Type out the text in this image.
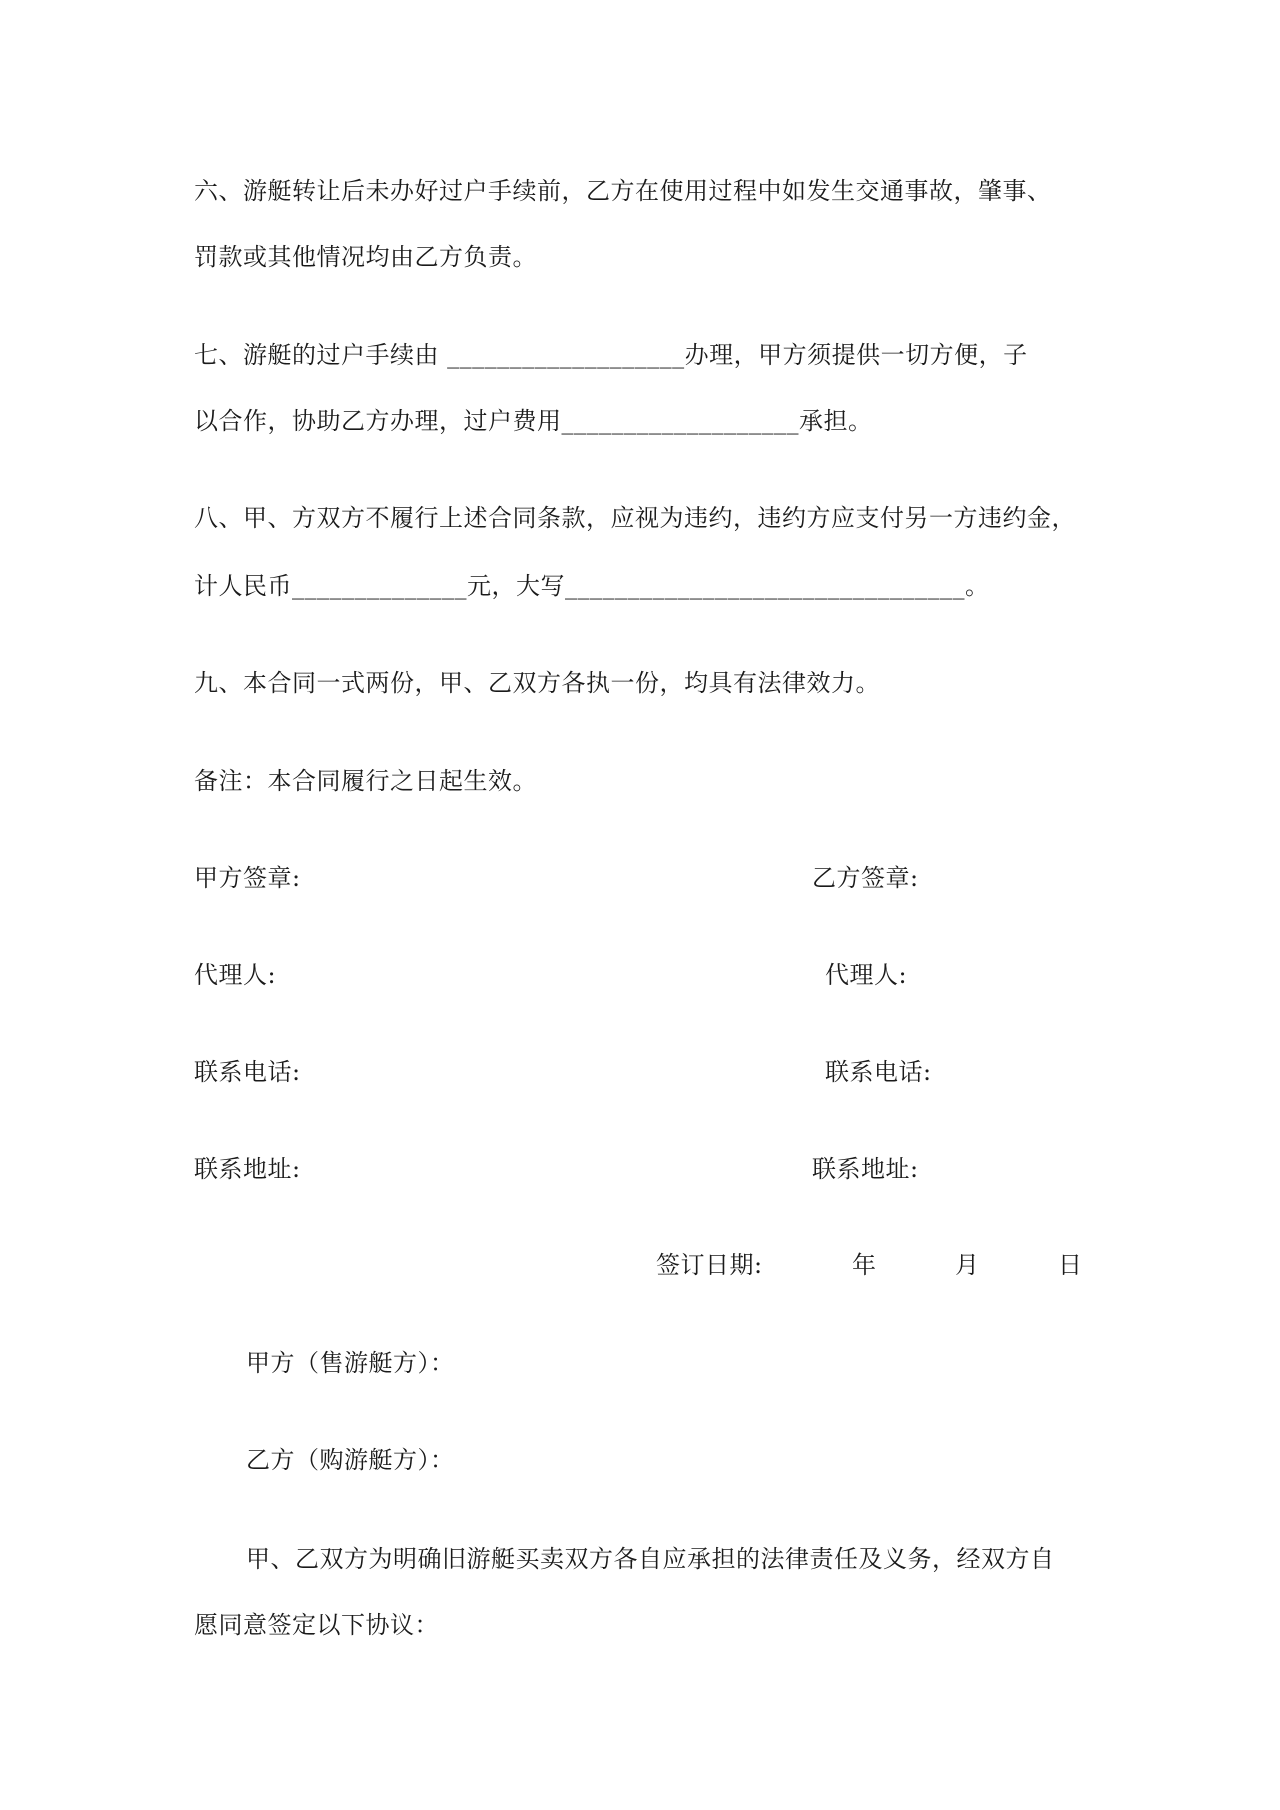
六、游艇转让后未办好过户手续前，乙方在使用过程中如发生交通事故，肇事、
罚款或其他情况均由乙方负责。
七、游艇的过户手续由 ___________________办理，甲方须提供一切方便，子
以合作，协助乙方办理，过户费用___________________承担。
八、甲、方双方不履行上述合同条款，应视为违约，违约方应支付另一方违约金，
计人民币______________元，大写________________________________。
九、本合同一式两份，甲、乙双方各执一份，均具有法律效力。
备注：本合同履行之日起生效。
甲方签章:	乙方签章:
代理人:	代理人:
联系电话:	联系电话:
联系地址:	联系地址:
签订日期:	年	月	日
甲方（售游艇方）：
乙方（购游艇方）：
甲、乙双方为明确旧游艇买卖双方各自应承担的法律责任及义务，经双方自
愿同意签定以下协议：
